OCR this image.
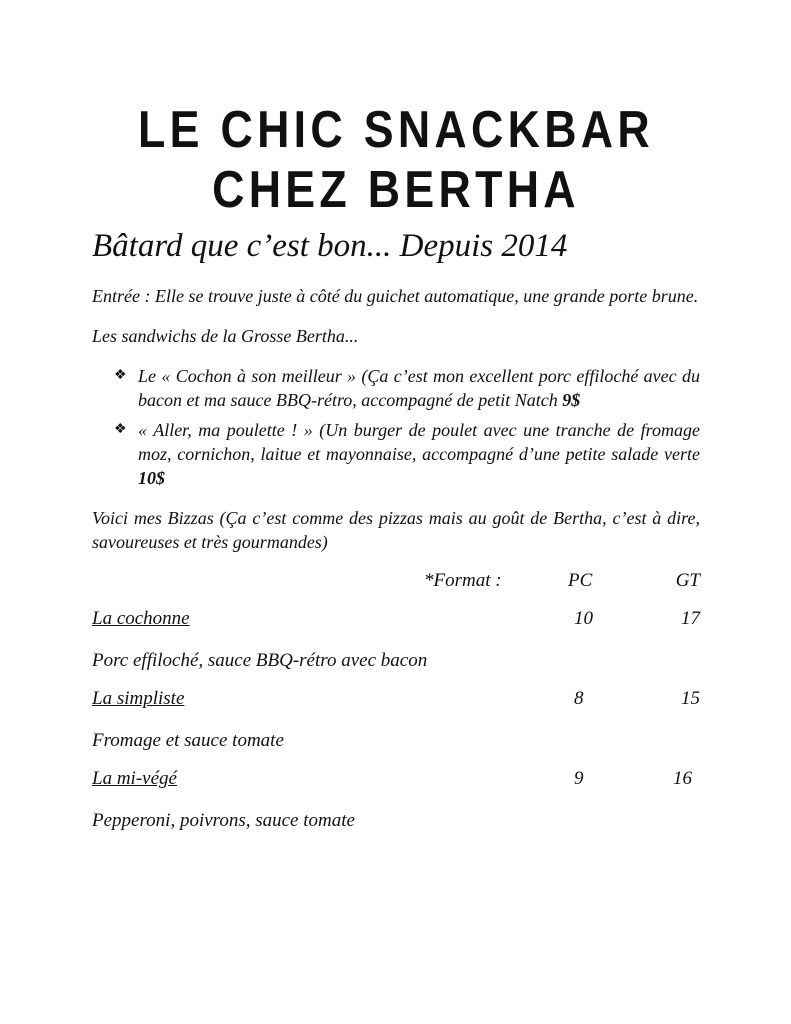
LE CHIC SNACKBAR
CHEZ BERTHA
Bâtard que c’est bon... Depuis 2014

Entrée : Elle se trouve juste à côté du guichet automatique, une grande porte brune.

Les sandwichs de la Grosse Bertha...

❖ Le « Cochon à son meilleur » (Ça c’est mon excellent porc effiloché avec du bacon et ma sauce BBQ-rétro, accompagné de petit Natch 9$
❖ « Aller, ma poulette ! » (Un burger de poulet avec une tranche de fromage moz, cornichon, laitue et mayonnaise, accompagné d’une petite salade verte 10$

Voici mes Bizzas (Ça c’est comme des pizzas mais au goût de Bertha, c’est à dire, savoureuses et très gourmandes)

*Format :	PC	GT
La cochonne	10	17
Porc effiloché, sauce BBQ-rétro avec bacon
La simpliste	8	15
Fromage et sauce tomate
La mi-végé	9	16
Pepperoni, poivrons, sauce tomate
